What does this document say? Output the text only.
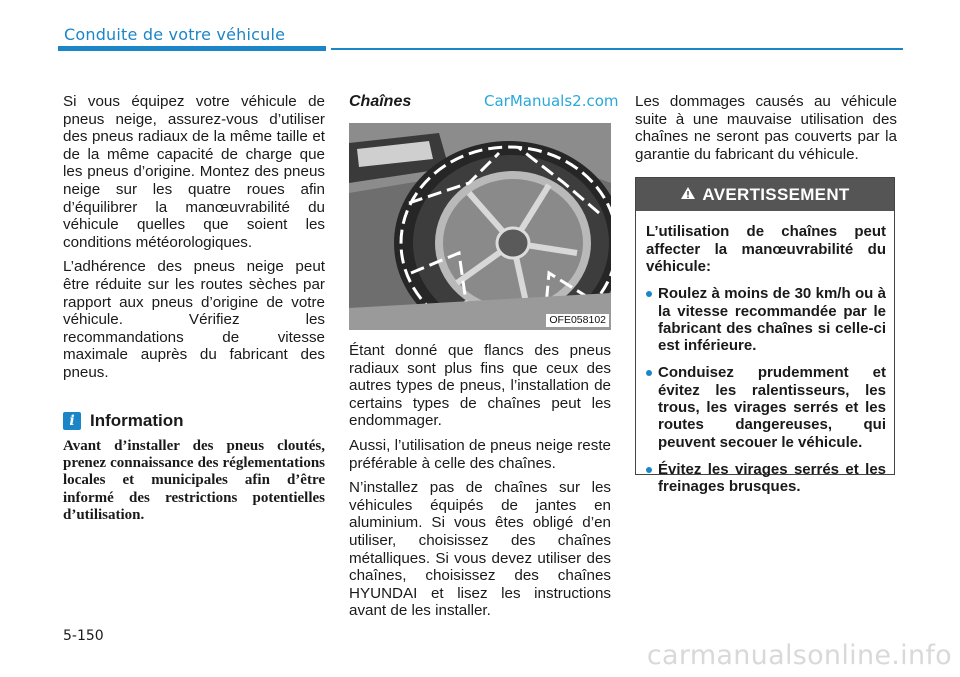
Conduite de votre véhicule

Si vous équipez votre véhicule de pneus neige, assurez-vous d’utiliser des pneus radiaux de la même taille et de la même capacité de charge que les pneus d’origine. Montez des pneus neige sur les quatre roues afin d’équilibrer la manœuvrabilité du véhicule quelles que soient les conditions météorologiques.

L’adhérence des pneus neige peut être réduite sur les routes sèches par rapport aux pneus d’origine de votre véhicule. Vérifiez les recommandations de vitesse maximale auprès du fabricant des pneus.

i Information

Avant d’installer des pneus cloutés, prenez connaissance des réglementations locales et municipales afin d’être informé des restrictions potentielles d’utilisation.

CarManuals2.com
Chaînes
OFE058102

Étant donné que flancs des pneus radiaux sont plus fins que ceux des autres types de pneus, l’installation de certains types de chaînes peut les endommager.

Aussi, l’utilisation de pneus neige reste préférable à celle des chaînes.

N’installez pas de chaînes sur les véhicules équipés de jantes en aluminium. Si vous êtes obligé d’en utiliser, choisissez des chaînes métalliques. Si vous devez utiliser des chaînes, choisissez des chaînes HYUNDAI et lisez les instructions avant de les installer.

Les dommages causés au véhicule suite à une mauvaise utilisation des chaînes ne seront pas couverts par la garantie du fabricant du véhicule.

AVERTISSEMENT

L’utilisation de chaînes peut affecter la manœuvrabilité du véhicule:

Roulez à moins de 30 km/h ou à la vitesse recommandée par le fabricant des chaînes si celle-ci est inférieure.
Conduisez prudemment et évitez les ralentisseurs, les trous, les virages serrés et les routes dangereuses, qui peuvent secouer le véhicule.
Évitez les virages serrés et les freinages brusques.
5-150
carmanualsonline.info
